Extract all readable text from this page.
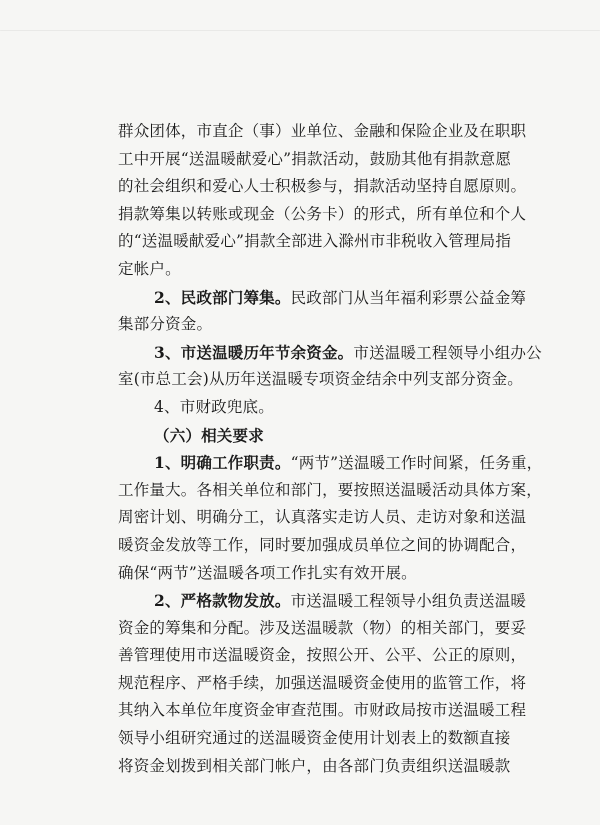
群众团体，市直企（事）业单位、金融和保险企业及在职职
工中开展“送温暖献爱心”捐款活动，鼓励其他有捐款意愿
的社会组织和爱心人士积极参与，捐款活动坚持自愿原则。
捐款筹集以转账或现金（公务卡）的形式，所有单位和个人
的“送温暖献爱心”捐款全部进入滁州市非税收入管理局指
定帐户。
2、民政部门筹集。民政部门从当年福利彩票公益金筹
集部分资金。
3、市送温暖历年节余资金。市送温暖工程领导小组办公
室(市总工会)从历年送温暖专项资金结余中列支部分资金。
4、市财政兜底。
（六）相关要求
1、明确工作职责。“两节”送温暖工作时间紧，任务重，
工作量大。各相关单位和部门，要按照送温暖活动具体方案，
周密计划、明确分工，认真落实走访人员、走访对象和送温
暖资金发放等工作，同时要加强成员单位之间的协调配合，
确保“两节”送温暖各项工作扎实有效开展。
2、严格款物发放。市送温暖工程领导小组负责送温暖
资金的筹集和分配。涉及送温暖款（物）的相关部门，要妥
善管理使用市送温暖资金，按照公开、公平、公正的原则，
规范程序、严格手续，加强送温暖资金使用的监管工作，将
其纳入本单位年度资金审查范围。市财政局按市送温暖工程
领导小组研究通过的送温暖资金使用计划表上的数额直接
将资金划拨到相关部门帐户，由各部门负责组织送温暖款
